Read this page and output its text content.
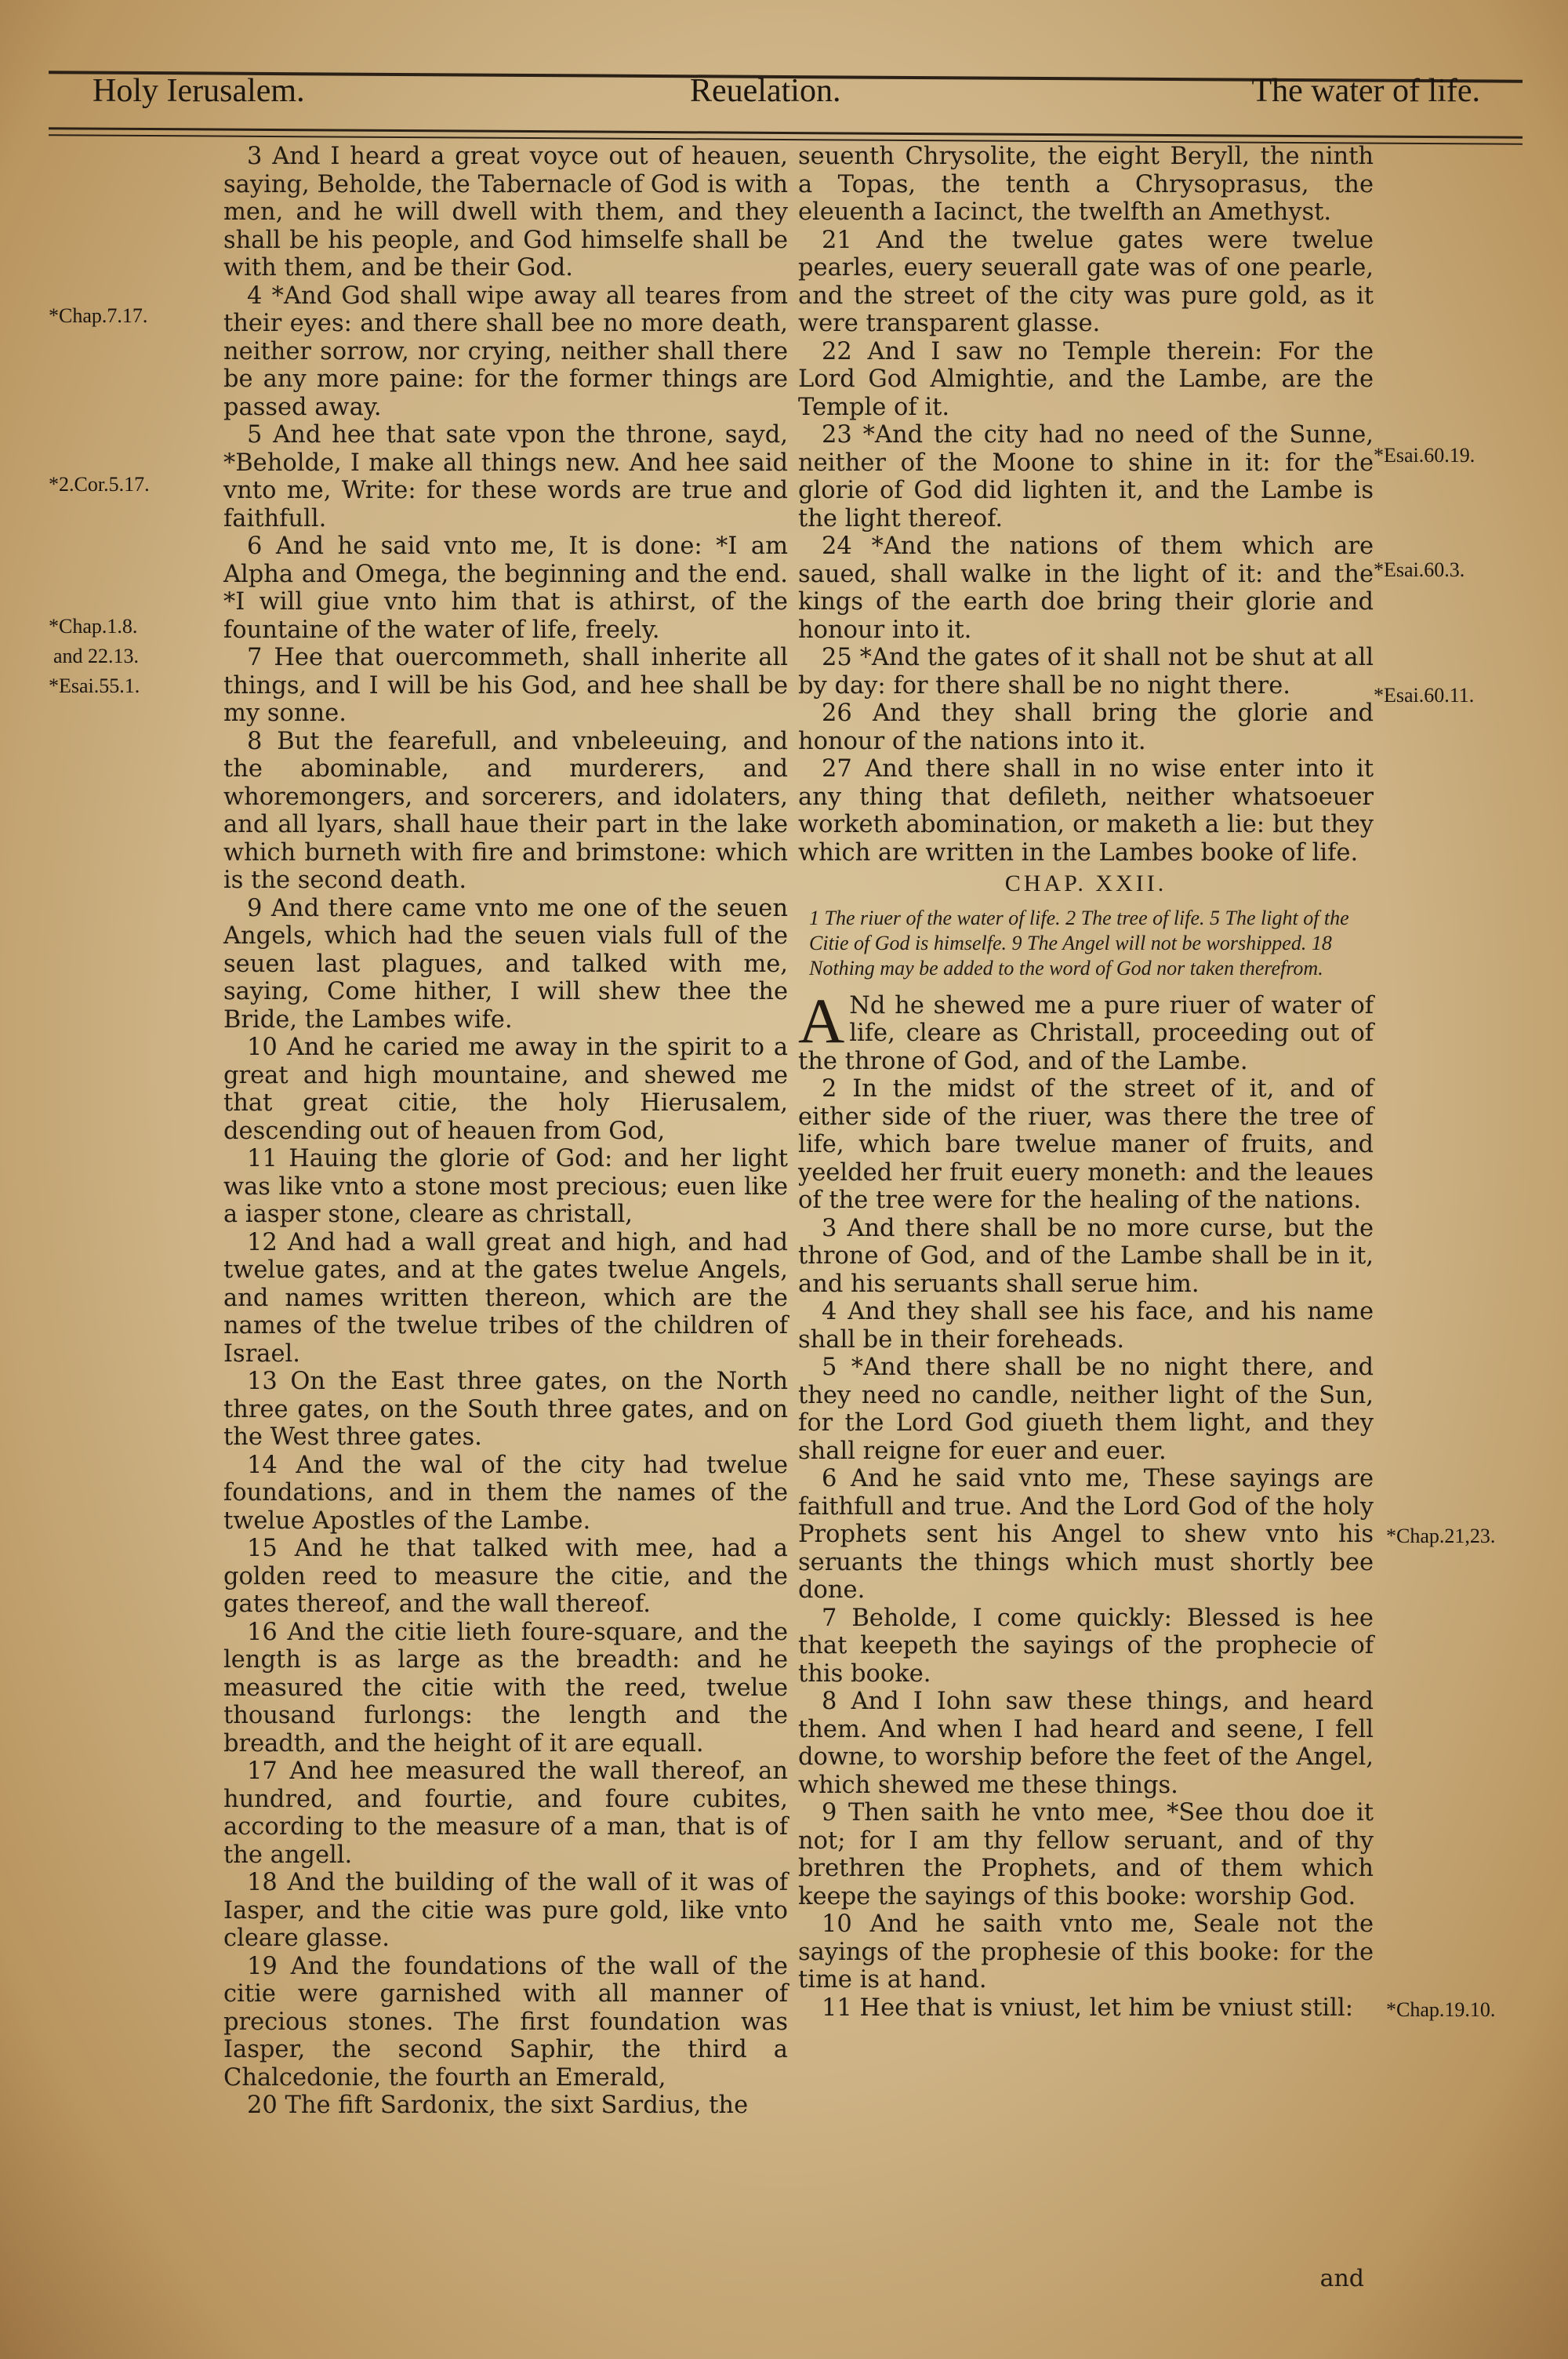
Holy Ierusalem.	Reuelation.	The water of life.
*Chap.7.17.
*2.Cor.5.17.
*Chap.1.8.
and 22.13.
*Esai.55.1.
*Esai.60.19.
*Esai.60.3.
*Esai.60.11.
*Chap.21,23.
*Chap.19.10.

3 And I heard a great voyce out of heauen, saying, Beholde, the Tabernacle of God is with men, and he will dwell with them, and they shall be his people, and God himselfe shall be with them, and be their God.

4 *And God shall wipe away all teares from their eyes: and there shall bee no more death, neither sorrow, nor crying, neither shall there be any more paine: for the former things are passed away.

5 And hee that sate vpon the throne, sayd, *Beholde, I make all things new. And hee said vnto me, Write: for these words are true and faithfull.

6 And he said vnto me, It is done: *I am Alpha and Omega, the beginning and the end. *I will giue vnto him that is athirst, of the fountaine of the water of life, freely.

7 Hee that ouercommeth, shall inherite all things, and I will be his God, and hee shall be my sonne.

8 But the fearefull, and vnbeleeuing, and the abominable, and murderers, and whoremongers, and sorcerers, and idolaters, and all lyars, shall haue their part in the lake which burneth with fire and brimstone: which is the second death.

9 And there came vnto me one of the seuen Angels, which had the seuen vials full of the seuen last plagues, and talked with me, saying, Come hither, I will shew thee the Bride, the Lambes wife.

10 And he caried me away in the spirit to a great and high mountaine, and shewed me that great citie, the holy Hierusalem, descending out of heauen from God,

11 Hauing the glorie of God: and her light was like vnto a stone most precious; euen like a iasper stone, cleare as christall,

12 And had a wall great and high, and had twelue gates, and at the gates twelue Angels, and names written thereon, which are the names of the twelue tribes of the children of Israel.

13 On the East three gates, on the North three gates, on the South three gates, and on the West three gates.

14 And the wal of the city had twelue foundations, and in them the names of the twelue Apostles of the Lambe.

15 And he that talked with mee, had a golden reed to measure the citie, and the gates thereof, and the wall thereof.

16 And the citie lieth foure-square, and the length is as large as the breadth: and he measured the citie with the reed, twelue thousand furlongs: the length and the breadth, and the height of it are equall.

17 And hee measured the wall thereof, an hundred, and fourtie, and foure cubites, according to the measure of a man, that is of the angell.

18 And the building of the wall of it was of Iasper, and the citie was pure gold, like vnto cleare glasse.

19 And the foundations of the wall of the citie were garnished with all manner of precious stones. The first foundation was Iasper, the second Saphir, the third a Chalcedonie, the fourth an Emerald,

20 The fift Sardonix, the sixt Sardius, the

seuenth Chrysolite, the eight Beryll, the ninth a Topas, the tenth a Chrysoprasus, the eleuenth a Iacinct, the twelfth an Amethyst.

21 And the twelue gates were twelue pearles, euery seuerall gate was of one pearle, and the street of the city was pure gold, as it were transparent glasse.

22 And I saw no Temple therein: For the Lord God Almightie, and the Lambe, are the Temple of it.

23 *And the city had no need of the Sunne, neither of the Moone to shine in it: for the glorie of God did lighten it, and the Lambe is the light thereof.

24 *And the nations of them which are saued, shall walke in the light of it: and the kings of the earth doe bring their glorie and honour into it.

25 *And the gates of it shall not be shut at all by day: for there shall be no night there.

26 And they shall bring the glorie and honour of the nations into it.

27 And there shall in no wise enter into it any thing that defileth, neither whatsoeuer worketh abomination, or maketh a lie: but they which are written in the Lambes booke of life.

CHAP. XXII.
1 The riuer of the water of life. 2 The tree of life. 5 The light of the Citie of God is himselfe. 9 The Angel will not be worshipped. 18 Nothing may be added to the word of God nor taken therefrom.

A Nd he shewed me a pure riuer of water of life, cleare as Christall, proceeding out of the throne of God, and of the Lambe.

2 In the midst of the street of it, and of either side of the riuer, was there the tree of life, which bare twelue maner of fruits, and yeelded her fruit euery moneth: and the leaues of the tree were for the healing of the nations.

3 And there shall be no more curse, but the throne of God, and of the Lambe shall be in it, and his seruants shall serue him.

4 And they shall see his face, and his name shall be in their foreheads.

5 *And there shall be no night there, and they need no candle, neither light of the Sun, for the Lord God giueth them light, and they shall reigne for euer and euer.

6 And he said vnto me, These sayings are faithfull and true. And the Lord God of the holy Prophets sent his Angel to shew vnto his seruants the things which must shortly bee done.

7 Beholde, I come quickly: Blessed is hee that keepeth the sayings of the prophecie of this booke.

8 And I Iohn saw these things, and heard them. And when I had heard and seene, I fell downe, to worship before the feet of the Angel, which shewed me these things.

9 Then saith he vnto mee, *See thou doe it not; for I am thy fellow seruant, and of thy brethren the Prophets, and of them which keepe the sayings of this booke: worship God.

10 And he saith vnto me, Seale not the sayings of the prophesie of this booke: for the time is at hand.

11 Hee that is vniust, let him be vniust still:

and
